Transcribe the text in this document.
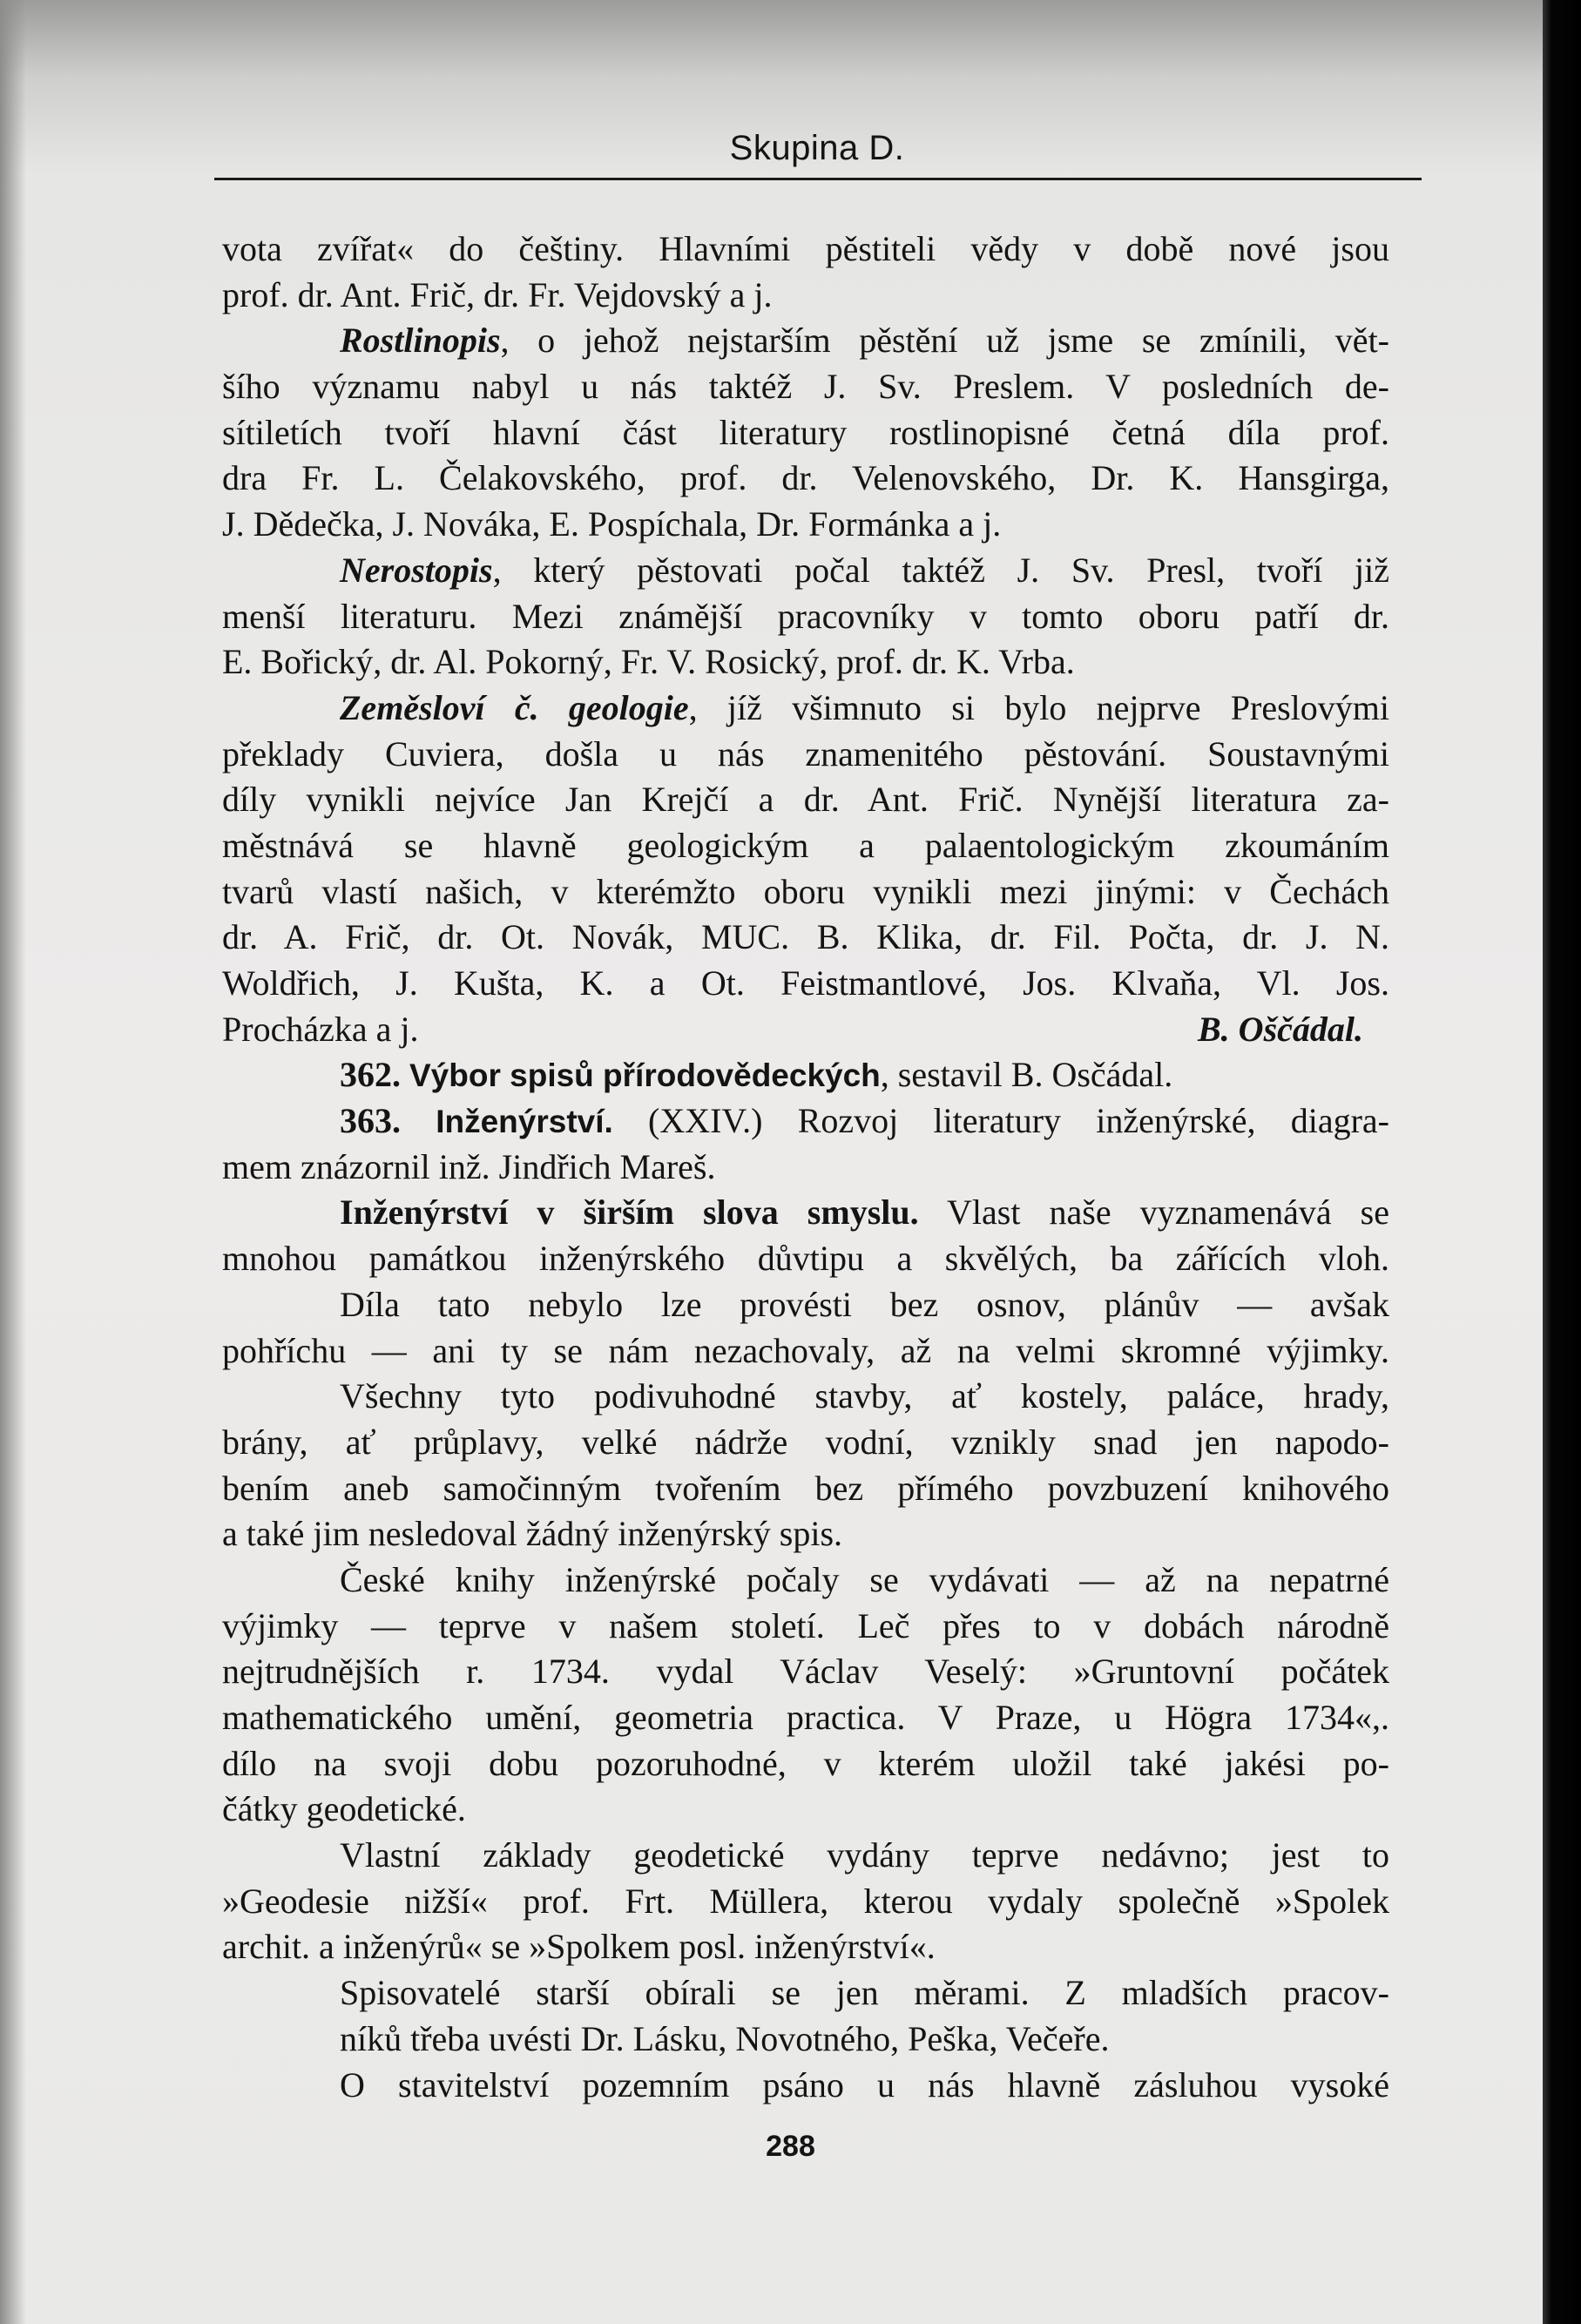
Skupina D.
vota zvířat« do češtiny. Hlavními pěstiteli vědy v době nové jsou
prof. dr. Ant. Frič, dr. Fr. Vejdovský a j.
Rostlinopis, o jehož nejstarším pěstění už jsme se zmínili, vět-
šího významu nabyl u nás taktéž J. Sv. Preslem. V posledních de-
sítiletích tvoří hlavní část literatury rostlinopisné četná díla prof.
dra Fr. L. Čelakovského, prof. dr. Velenovského, Dr. K. Hansgirga,
J. Dědečka, J. Nováka, E. Pospíchala, Dr. Formánka a j.
Nerostopis, který pěstovati počal taktéž J. Sv. Presl, tvoří již
menší literaturu. Mezi známější pracovníky v tomto oboru patří dr.
E. Bořický, dr. Al. Pokorný, Fr. V. Rosický, prof. dr. K. Vrba.
Zeměsloví č. geologie, jíž všimnuto si bylo nejprve Preslovými
překlady Cuviera, došla u nás znamenitého pěstování. Soustavnými
díly vynikli nejvíce Jan Krejčí a dr. Ant. Frič. Nynější literatura za-
městnává se hlavně geologickým a palaentologickým zkoumáním
tvarů vlastí našich, v kterémžto oboru vynikli mezi jinými: v Čechách
dr. A. Frič, dr. Ot. Novák, MUC. B. Klika, dr. Fil. Počta, dr. J. N.
Woldřich, J. Kušta, K. a Ot. Feistmantlové, Jos. Klvaňa, Vl. Jos.
Procházka a j.	B. Oščádal.
362. Výbor spisů přírodovědeckých, sestavil B. Osčádal.
363. Inženýrství. (XXIV.) Rozvoj literatury inženýrské, diagra-
mem znázornil inž. Jindřich Mareš.
Inženýrství v širším slova smyslu. Vlast naše vyznamenává se
mnohou památkou inženýrského důvtipu a skvělých, ba zářících vloh.
Díla tato nebylo lze provésti bez osnov, plánův — avšak
pohříchu — ani ty se nám nezachovaly, až na velmi skromné výjimky.
Všechny tyto podivuhodné stavby, ať kostely, paláce, hrady,
brány, ať průplavy, velké nádrže vodní, vznikly snad jen napodo-
bením aneb samočinným tvořením bez přímého povzbuzení knihového
a také jim nesledoval žádný inženýrský spis.
České knihy inženýrské počaly se vydávati — až na nepatrné
výjimky — teprve v našem století. Leč přes to v dobách národně
nejtrudnějších r. 1734. vydal Václav Veselý: »Gruntovní počátek
mathematického umění, geometria practica. V Praze, u Högra 1734«,.
dílo na svoji dobu pozoruhodné, v kterém uložil také jakési po-
čátky geodetické.
Vlastní základy geodetické vydány teprve nedávno; jest to
»Geodesie nižší« prof. Frt. Müllera, kterou vydaly společně »Spolek
archit. a inženýrů« se »Spolkem posl. inženýrství«.
Spisovatelé starší obírali se jen měrami. Z mladších pracov-
níků třeba uvésti Dr. Lásku, Novotného, Peška, Večeře.
O stavitelství pozemním psáno u nás hlavně zásluhou vysoké
288
